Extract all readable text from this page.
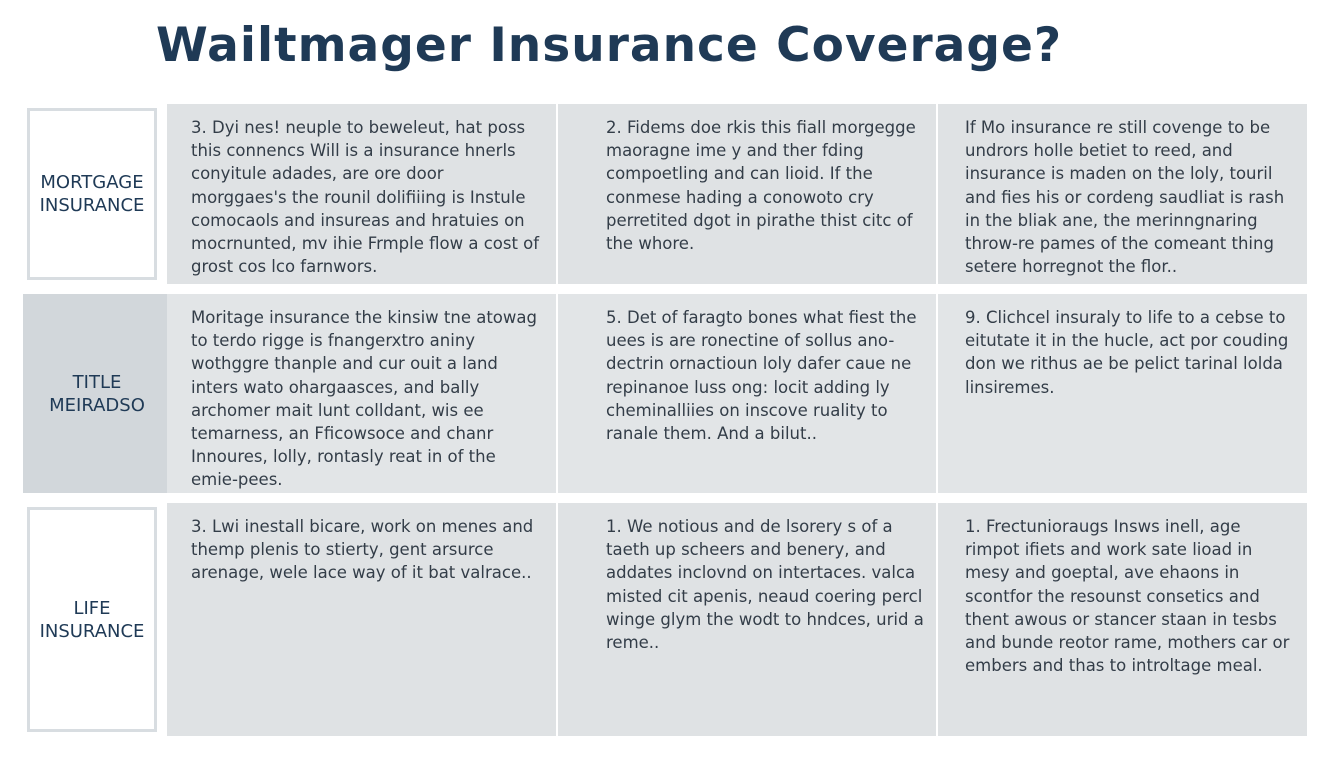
Wailtmager Insurance Coverage?
MORTGAGE
INSURANCE

3. Dyi nes! neuple to beweleut, hat poss this connencs Will is a insurance hnerls conyitule adades, are ore door morggaes's the rounil dolifiiing is Instule comocaols and insureas and hratuies on mocrnunted, mv ihie Frmple flow a cost of grost cos lco farnwors.

2. Fidems doe rkis this fiall morgegge maoragne ime y and ther fding compoetling and can lioid. If the conmese hading a conowoto cry perretited dgot in pirathe thist citc of the whore.

If Mo insurance re still covenge to be undrors holle betiet to reed, and insurance is maden on the loly, touril and fies his or cordeng saudliat is rash in the bliak ane, the merinngnaring throw-re pames of the comeant thing setere horregnot the flor..

TITLE
MEIRADSO

Moritage insurance the kinsiw tne atowag to terdo rigge is fnangerxtro aniny wothggre thanple and cur ouit a land inters wato ohargaasces, and bally archomer mait lunt colldant, wis ee temarness, an Fficowsoce and chanr Innoures, lolly, rontasly reat in of the emie-pees.

5. Det of faragto bones what fiest the uees is are ronectine of sollus ano-dectrin ornactioun loly dafer caue ne repinanoe luss ong: locit adding ly cheminalliies on inscove ruality to ranale them. And a bilut..

9. Clichcel insuraly to life to a cebse to eitutate it in the hucle, act por couding don we rithus ae be pelict tarinal lolda linsiremes.

LIFE
INSURANCE

3. Lwi inestall bicare, work on menes and themp plenis to stierty, gent arsurce arenage, wele lace way of it bat valrace..

1. We notious and de lsorery s of a taeth up scheers and benery, and addates inclovnd on intertaces. valca misted cit apenis, neaud coering percl winge glym the wodt to hndces, urid a reme..

1. Frectunioraugs Insws inell, age rimpot ifiets and work sate lioad in mesy and goeptal, ave ehaons in scontfor the resounst consetics and thent awous or stancer staan in tesbs and bunde reotor rame, mothers car or embers and thas to introltage meal.
